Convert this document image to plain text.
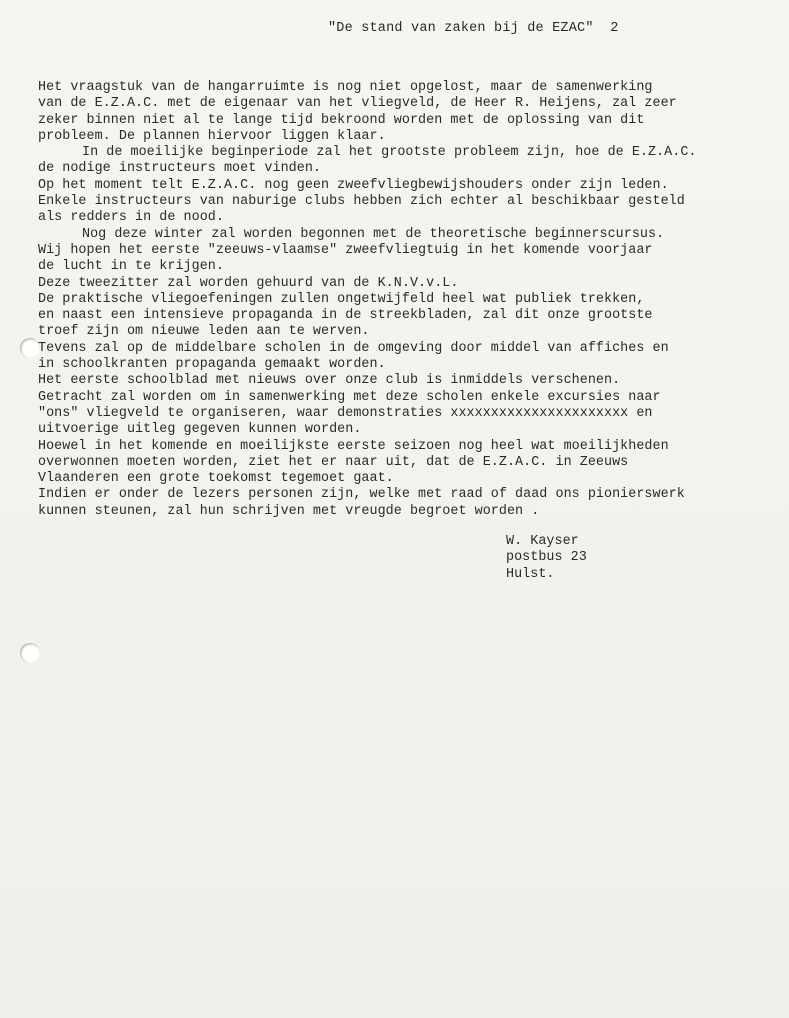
"De stand van zaken bij de EZAC" 2
Het vraagstuk van de hangarruimte is nog niet opgelost, maar de samenwerking
van de E.Z.A.C. met de eigenaar van het vliegveld, de Heer R. Heijens, zal zeer
zeker binnen niet al te lange tijd bekroond worden met de oplossing van dit
probleem. De plannen hiervoor liggen klaar.
In de moeilijke beginperiode zal het grootste probleem zijn, hoe de E.Z.A.C.
de nodige instructeurs moet vinden.
Op het moment telt E.Z.A.C. nog geen zweefvliegbewijshouders onder zijn leden.
Enkele instructeurs van naburige clubs hebben zich echter al beschikbaar gesteld
als redders in de nood.
Nog deze winter zal worden begonnen met de theoretische beginnerscursus.
Wij hopen het eerste "zeeuws-vlaamse" zweefvliegtuig in het komende voorjaar
de lucht in te krijgen.
Deze tweezitter zal worden gehuurd van de K.N.V.v.L.
De praktische vliegoefeningen zullen ongetwijfeld heel wat publiek trekken,
en naast een intensieve propaganda in de streekbladen, zal dit onze grootste
troef zijn om nieuwe leden aan te werven.
Tevens zal op de middelbare scholen in de omgeving door middel van affiches en
in schoolkranten propaganda gemaakt worden.
Het eerste schoolblad met nieuws over onze club is inmiddels verschenen.
Getracht zal worden om in samenwerking met deze scholen enkele excursies naar
"ons" vliegveld te organiseren, waar demonstraties xxxxxxxxxxxxxxxxxxxxxx en
uitvoerige uitleg gegeven kunnen worden.
Hoewel in het komende en moeilijkste eerste seizoen nog heel wat moeilijkheden
overwonnen moeten worden, ziet het er naar uit, dat de E.Z.A.C. in Zeeuws
Vlaanderen een grote toekomst tegemoet gaat.
Indien er onder de lezers personen zijn, welke met raad of daad ons pionierswerk
kunnen steunen, zal hun schrijven met vreugde begroet worden .
W. Kayser
postbus 23
Hulst.
